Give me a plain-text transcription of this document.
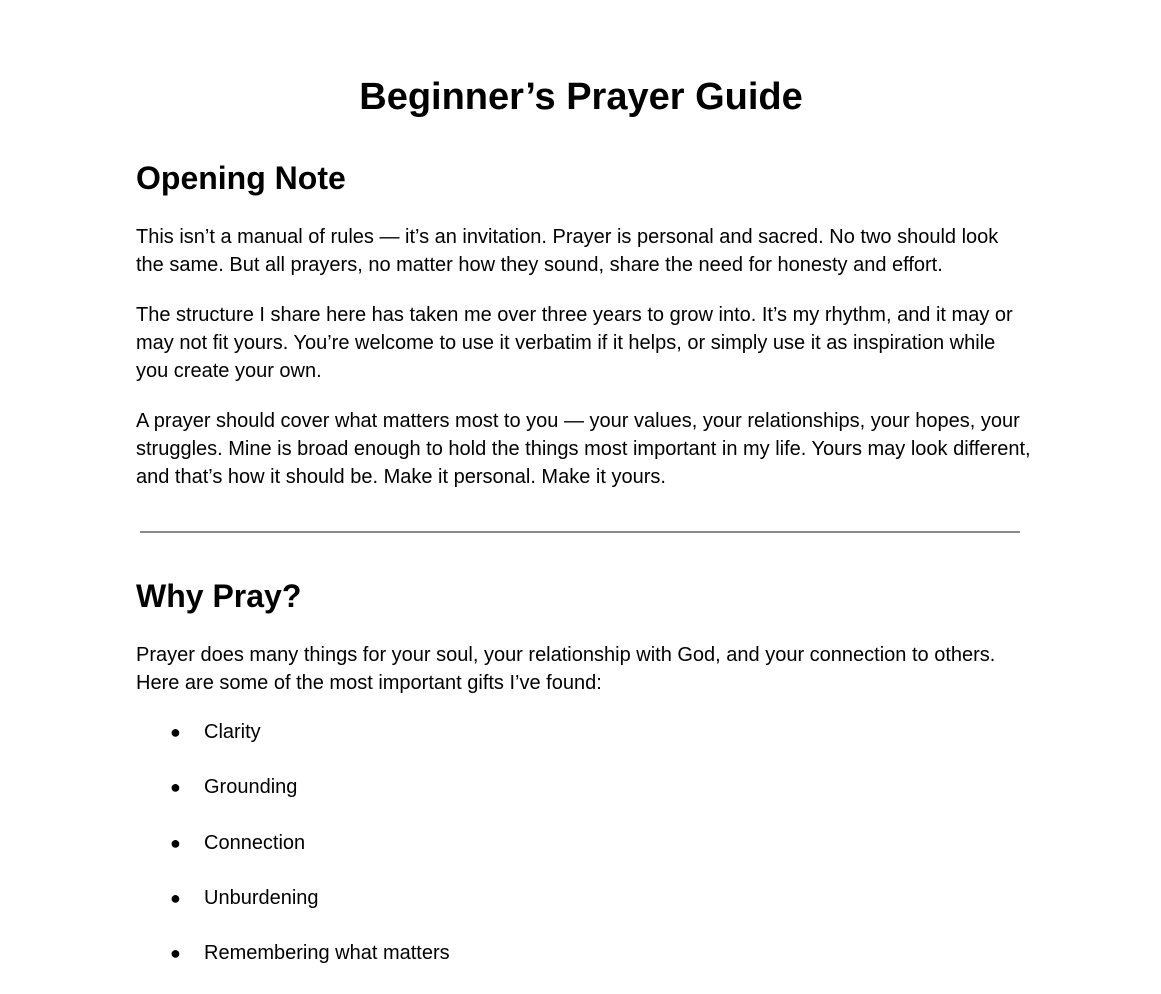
Beginner’s Prayer Guide
Opening Note

This isn’t a manual of rules — it’s an invitation. Prayer is personal and sacred. No two should look the same. But all prayers, no matter how they sound, share the need for honesty and effort.

The structure I share here has taken me over three years to grow into. It’s my rhythm, and it may or may not fit yours. You’re welcome to use it verbatim if it helps, or simply use it as inspiration while you create your own.

A prayer should cover what matters most to you — your values, your relationships, your hopes, your struggles. Mine is broad enough to hold the things most important in my life. Yours may look different, and that’s how it should be. Make it personal. Make it yours.

Why Pray?

Prayer does many things for your soul, your relationship with God, and your connection to others. Here are some of the most important gifts I’ve found:

● Clarity
● Grounding
● Connection
● Unburdening
● Remembering what matters
